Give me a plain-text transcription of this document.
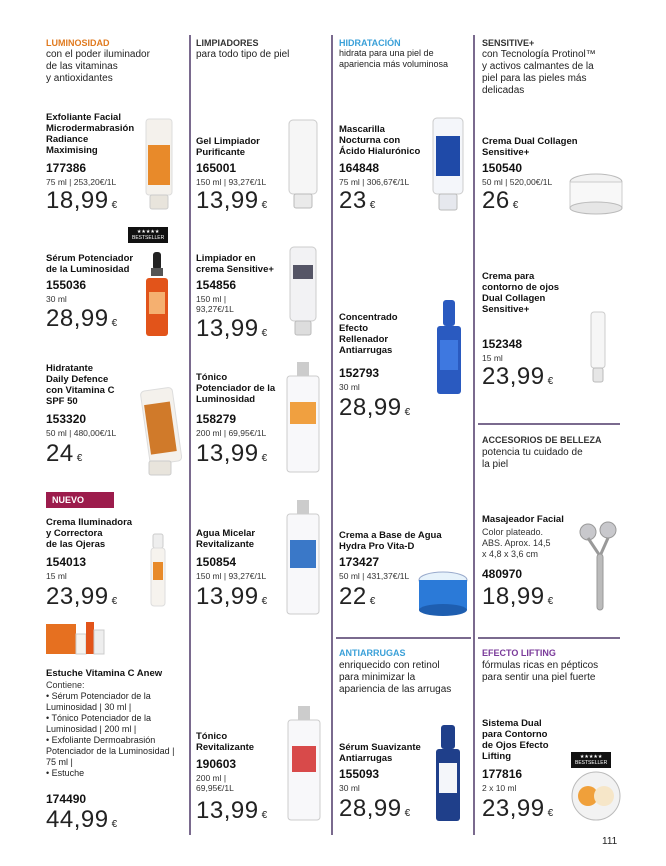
LUMINOSIDAD
con el poder iluminador
de las vitaminas
y antioxidantes
Exfoliante Facial
Microdermabrasión
Radiance
Maximising
177386
75 ml | 253,20€/1L
18,99 €
★★★★★
BESTSELLER
Sérum Potenciador
de la Luminosidad
155036
30 ml
28,99 €
Hidratante
Daily Defence
con Vitamina C
SPF 50
153320
50 ml | 480,00€/1L
24 €
NUEVO
Crema Iluminadora
y Correctora
de las Ojeras
154013
15 ml
23,99 €
Estuche Vitamina C Anew
Contiene:
• Sérum Potenciador de la Luminosidad | 30 ml |
• Tónico Potenciador de la Luminosidad | 200 ml |
• Exfoliante Dermoabrasión Potenciador de la Luminosidad | 75 ml |
• Estuche
174490
44,99 €
LIMPIADORES
para todo tipo de piel
Gel Limpiador
Purificante
165001
150 ml | 93,27€/1L
13,99 €
Limpiador en
crema Sensitive+
154856
150 ml |
93,27€/1L
13,99 €
Tónico
Potenciador de la
Luminosidad
158279
200 ml | 69,95€/1L
13,99 €
Agua Micelar
Revitalizante
150854
150 ml | 93,27€/1L
13,99 €
Tónico
Revitalizante
190603
200 ml |
69,95€/1L
13,99 €
HIDRATACIÓN
hidrata para una piel de
apariencia más voluminosa
Mascarilla
Nocturna con
Ácido Hialurónico
164848
75 ml | 306,67€/1L
23 €
Concentrado
Efecto
Rellenador
Antiarrugas
152793
30 ml
28,99 €
Crema a Base de Agua
Hydra Pro Vita-D
173427
50 ml | 431,37€/1L
22 €
ANTIARRUGAS
enriquecido con retinol
para minimizar la
apariencia de las arrugas
Sérum Suavizante
Antiarrugas
155093
30 ml
28,99 €
SENSITIVE+
con Tecnología Protinol™
y activos calmantes de la
piel para las pieles más
delicadas
Crema Dual Collagen
Sensitive+
150540
50 ml | 520,00€/1L
26 €
Crema para
contorno de ojos
Dual Collagen
Sensitive+
152348
15 ml
23,99 €
ACCESORIOS DE BELLEZA
potencia tu cuidado de
la piel
Masajeador Facial
Color plateado.
ABS. Aprox. 14,5
x 4,8 x 3,6 cm
480970
18,99 €
EFECTO LIFTING
fórmulas ricas en pépticos
para sentir una piel fuerte
Sistema Dual
para Contorno
de Ojos Efecto
Lifting
177816
2 x 10 ml
23,99 €
★★★★★
BESTSELLER
111
